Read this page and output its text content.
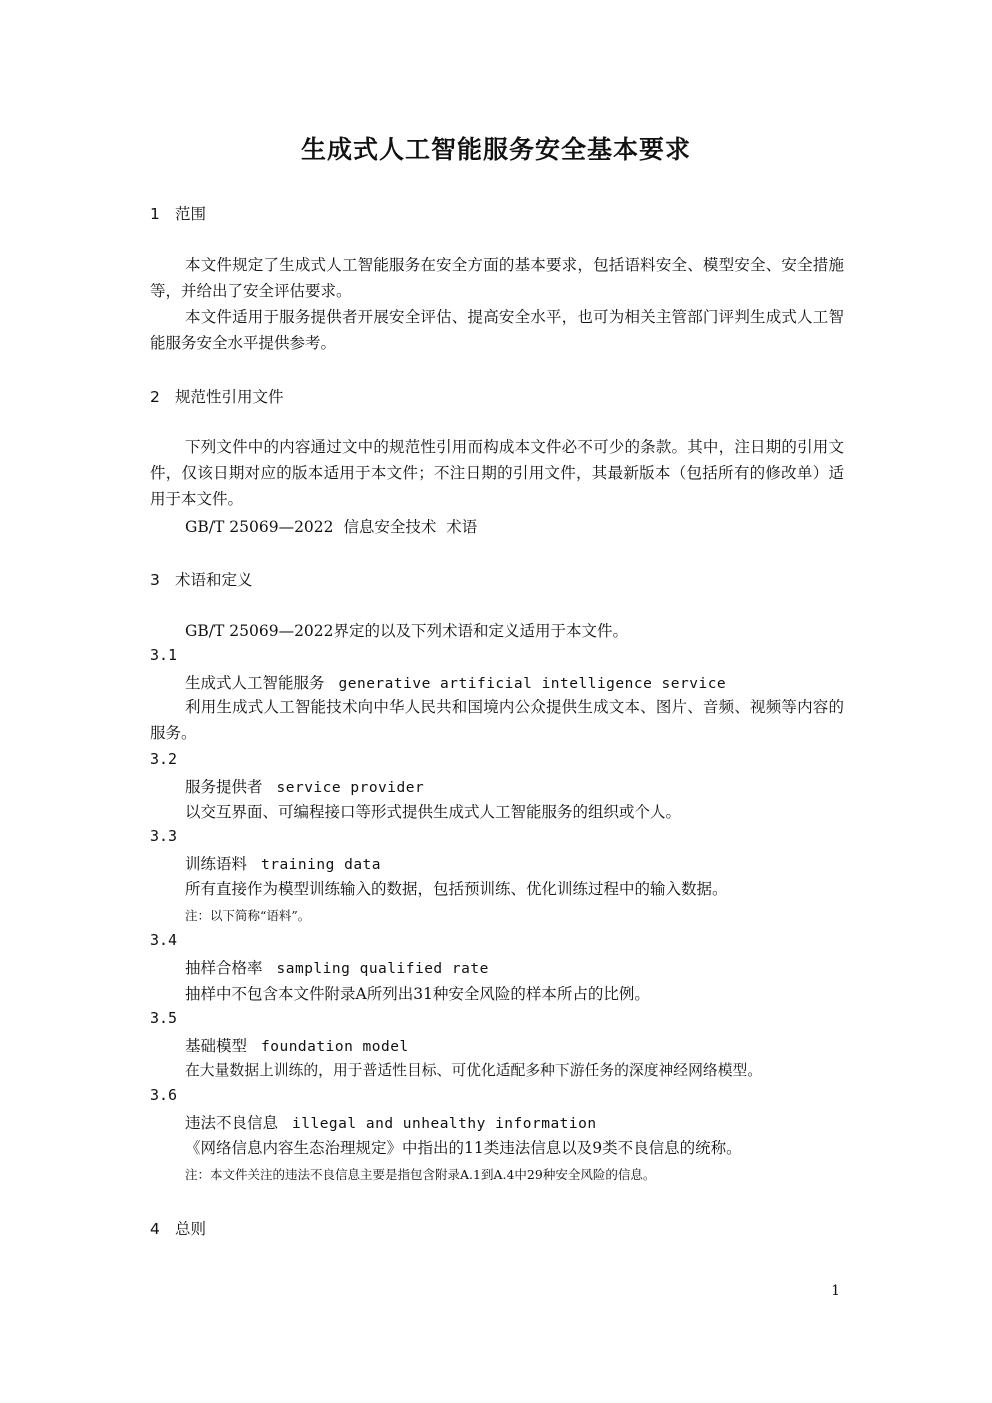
生成式人工智能服务安全基本要求
1 范围
本文件规定了生成式人工智能服务在安全方面的基本要求，包括语料安全、模型安全、安全措施等，并给出了安全评估要求。
本文件适用于服务提供者开展安全评估、提高安全水平，也可为相关主管部门评判生成式人工智能服务安全水平提供参考。
2 规范性引用文件
下列文件中的内容通过文中的规范性引用而构成本文件必不可少的条款。其中，注日期的引用文件，仅该日期对应的版本适用于本文件；不注日期的引用文件，其最新版本（包括所有的修改单）适用于本文件。
GB/T 25069—2022  信息安全技术  术语
3 术语和定义
GB/T 25069—2022界定的以及下列术语和定义适用于本文件。
3.1
生成式人工智能服务 generative artificial intelligence service
利用生成式人工智能技术向中华人民共和国境内公众提供生成文本、图片、音频、视频等内容的服务。
3.2
服务提供者 service provider
以交互界面、可编程接口等形式提供生成式人工智能服务的组织或个人。
3.3
训练语料 training data
所有直接作为模型训练输入的数据，包括预训练、优化训练过程中的输入数据。
注：以下简称“语料”。
3.4
抽样合格率 sampling qualified rate
抽样中不包含本文件附录A所列出31种安全风险的样本所占的比例。
3.5
基础模型 foundation model
在大量数据上训练的，用于普适性目标、可优化适配多种下游任务的深度神经网络模型。
3.6
违法不良信息 illegal and unhealthy information
《网络信息内容生态治理规定》中指出的11类违法信息以及9类不良信息的统称。
注：本文件关注的违法不良信息主要是指包含附录A.1到A.4中29种安全风险的信息。
4 总则
1
